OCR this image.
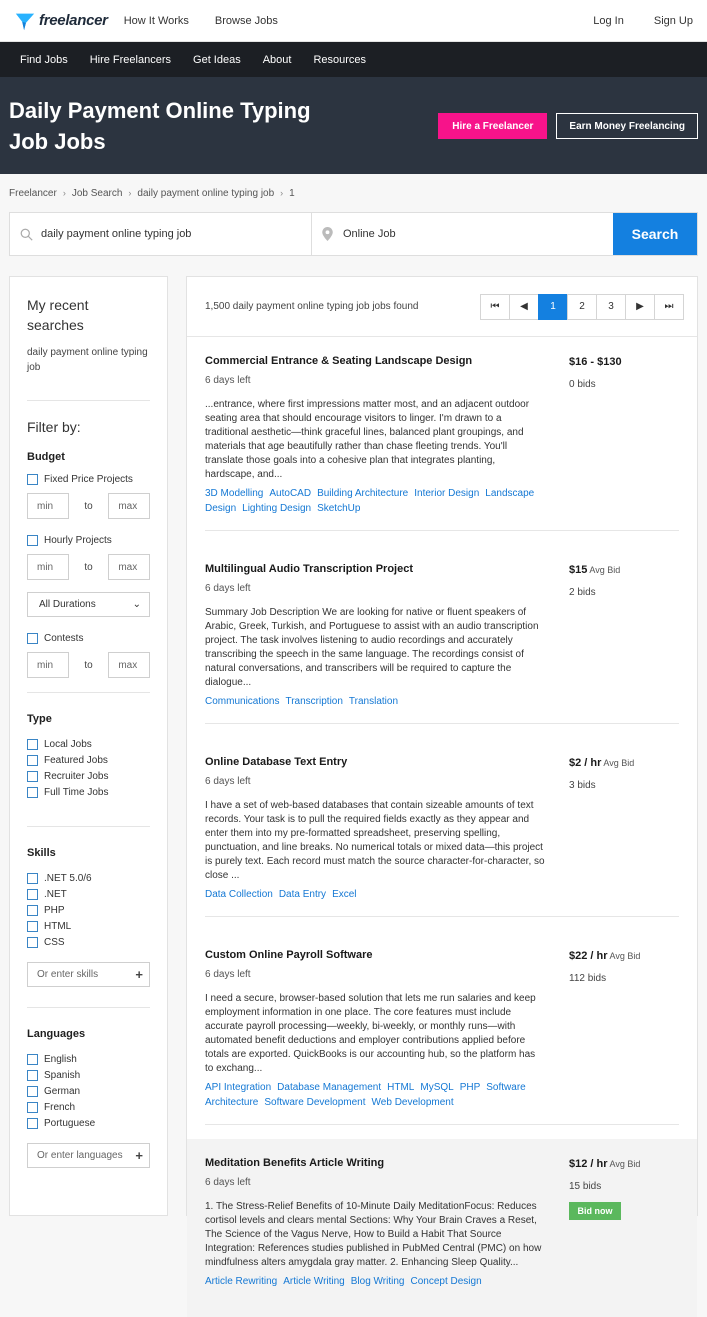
freelancer How It Works Browse Jobs	Log In	Sign Up
Find Jobs Hire Freelancers Get Ideas About Resources
Daily Payment Online Typing Job Jobs
Hire a Freelancer	Earn Money Freelancing
Freelancer › Job Search › daily payment online typing job › 1
daily payment online typing job
Online Job
Search
My recent searches
daily payment online typing job
Filter by:
Budget
Fixed Price Projects
min	to	max
Hourly Projects
min	to	max
All Durations	⌄
Contests
min	to	max
Type
Local Jobs
Featured Jobs
Recruiter Jobs
Full Time Jobs
Skills
.NET 5.0/6
.NET
PHP
HTML
CSS
Or enter skills	+
Languages
English
Spanish
German
French
Portuguese
Or enter languages +
1,500 daily payment online typing job jobs found	⏮	◀	1	2	3	▶	⏭
Commercial Entrance & Seating Landscape Design
6 days left
...entrance, where first impressions matter most, and an adjacent outdoor seating area that should encourage visitors to linger. I'm drawn to a traditional aesthetic—think graceful lines, balanced plant groupings, and materials that age beautifully rather than chase fleeting trends. You'll translate those goals into a cohesive plan that integrates planting, hardscape, and...
3D Modelling AutoCAD Building Architecture Interior Design Landscape Design Lighting Design SketchUp
$16 - $130
0 bids
Multilingual Audio Transcription Project
6 days left
Summary Job Description We are looking for native or fluent speakers of Arabic, Greek, Turkish, and Portuguese to assist with an audio transcription project. The task involves listening to audio recordings and accurately transcribing the speech in the same language. The recordings consist of natural conversations, and transcribers will be required to capture the dialogue...
Communications Transcription Translation
$15 Avg Bid
2 bids
Online Database Text Entry
6 days left
I have a set of web-based databases that contain sizeable amounts of text records. Your task is to pull the required fields exactly as they appear and enter them into my pre-formatted spreadsheet, preserving spelling, punctuation, and line breaks. No numerical totals or mixed data—this project is purely text. Each record must match the source character-for-character, so close ...
Data Collection Data Entry Excel
$2 / hr Avg Bid
3 bids
Custom Online Payroll Software
6 days left
I need a secure, browser-based solution that lets me run salaries and keep employment information in one place. The core features must include accurate payroll processing—weekly, bi-weekly, or monthly runs—with automated benefit deductions and employer contributions applied before totals are exported. QuickBooks is our accounting hub, so the platform has to exchang...
API Integration Database Management HTML MySQL PHP Software Architecture Software Development Web Development
$22 / hr Avg Bid
112 bids
Meditation Benefits Article Writing
6 days left
1. The Stress-Relief Benefits of 10-Minute Daily MeditationFocus: Reduces cortisol levels and clears mental Sections: Why Your Brain Craves a Reset, The Science of the Vagus Nerve, How to Build a Habit That Source Integration: References studies published in PubMed Central (PMC) on how mindfulness alters amygdala gray matter. 2. Enhancing Sleep Quality...
Article Rewriting Article Writing Blog Writing Concept Design
$12 / hr Avg Bid
15 bids
Bid now
